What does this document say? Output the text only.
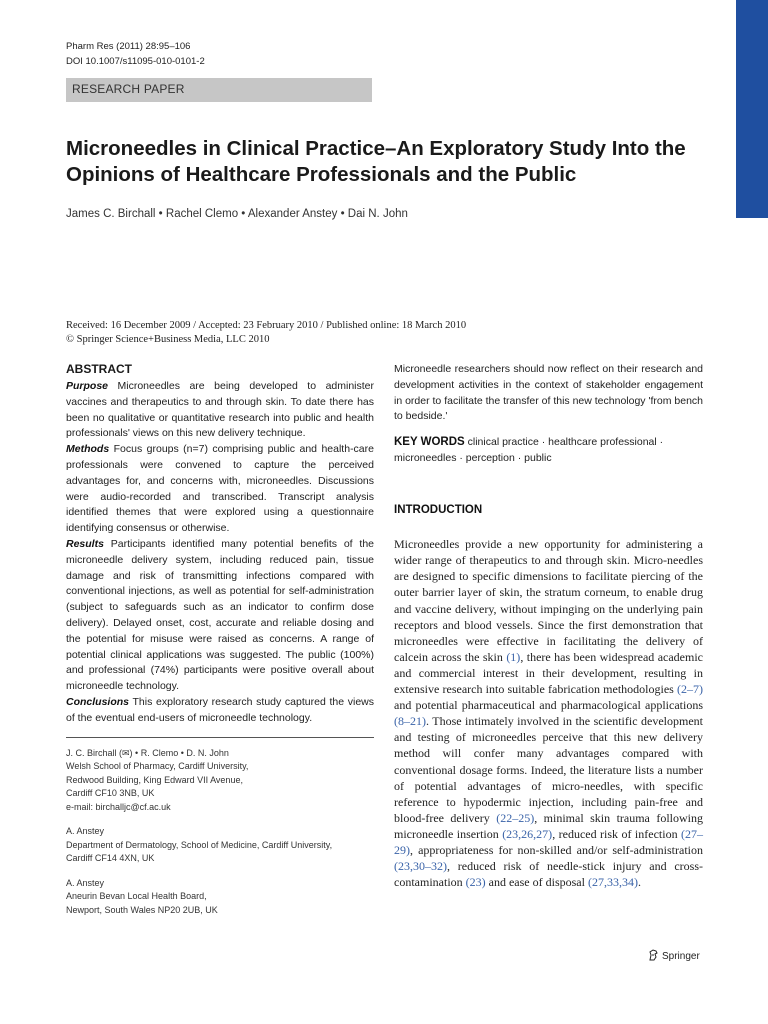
Pharm Res (2011) 28:95–106
DOI 10.1007/s11095-010-0101-2
RESEARCH PAPER
Microneedles in Clinical Practice–An Exploratory Study Into the Opinions of Healthcare Professionals and the Public
James C. Birchall • Rachel Clemo • Alexander Anstey • Dai N. John
Received: 16 December 2009 / Accepted: 23 February 2010 / Published online: 18 March 2010
© Springer Science+Business Media, LLC 2010
ABSTRACT

Purpose Microneedles are being developed to administer vaccines and therapeutics to and through skin. To date there has been no qualitative or quantitative research into public and health professionals' views on this new delivery technique.

Methods Focus groups (n=7) comprising public and health-care professionals were convened to capture the perceived advantages for, and concerns with, microneedles. Discussions were audio-recorded and transcribed. Transcript analysis identified themes that were explored using a questionnaire identifying consensus or otherwise.

Results Participants identified many potential benefits of the microneedle delivery system, including reduced pain, tissue damage and risk of transmitting infections compared with conventional injections, as well as potential for self-administration (subject to safeguards such as an indicator to confirm dose delivery). Delayed onset, cost, accurate and reliable dosing and the potential for misuse were raised as concerns. A range of potential clinical applications was suggested. The public (100%) and professional (74%) participants were positive overall about microneedle technology.

Conclusions This exploratory research study captured the views of the eventual end-users of microneedle technology.

J. C. Birchall (✉) • R. Clemo • D. N. John
Welsh School of Pharmacy, Cardiff University,
Redwood Building, King Edward VII Avenue,
Cardiff CF10 3NB, UK
e-mail: birchalljc@cf.ac.uk
A. Anstey
Department of Dermatology, School of Medicine, Cardiff University,
Cardiff CF14 4XN, UK
A. Anstey
Aneurin Bevan Local Health Board,
Newport, South Wales NP20 2UB, UK

Microneedle researchers should now reflect on their research and development activities in the context of stakeholder engagement in order to facilitate the transfer of this new technology 'from bench to bedside.'

KEY WORDS clinical practice · healthcare professional · microneedles · perception · public
INTRODUCTION

Microneedles provide a new opportunity for administering a wider range of therapeutics to and through skin. Micro-needles are designed to specific dimensions to facilitate piercing of the outer barrier layer of skin, the stratum corneum, to enable drug and vaccine delivery, without impinging on the underlying pain receptors and blood vessels. Since the first demonstration that microneedles were effective in facilitating the delivery of calcein across the skin (1), there has been widespread academic and commercial interest in their development, resulting in extensive research into suitable fabrication methodologies (2–7) and potential pharmaceutical and pharmacological applications (8–21). Those intimately involved in the scientific development and testing of microneedles perceive that this new delivery method will confer many advantages compared with conventional dosage forms. Indeed, the literature lists a number of potential advantages of micro-needles, with specific reference to hypodermic injection, including pain-free and blood-free delivery (22–25), minimal skin trauma following microneedle insertion (23,26,27), reduced risk of infection (27–29), appropriateness for non-skilled and/or self-administration (23,30–32), reduced risk of needle-stick injury and cross-contamination (23) and ease of disposal (27,33,34).

Springer
